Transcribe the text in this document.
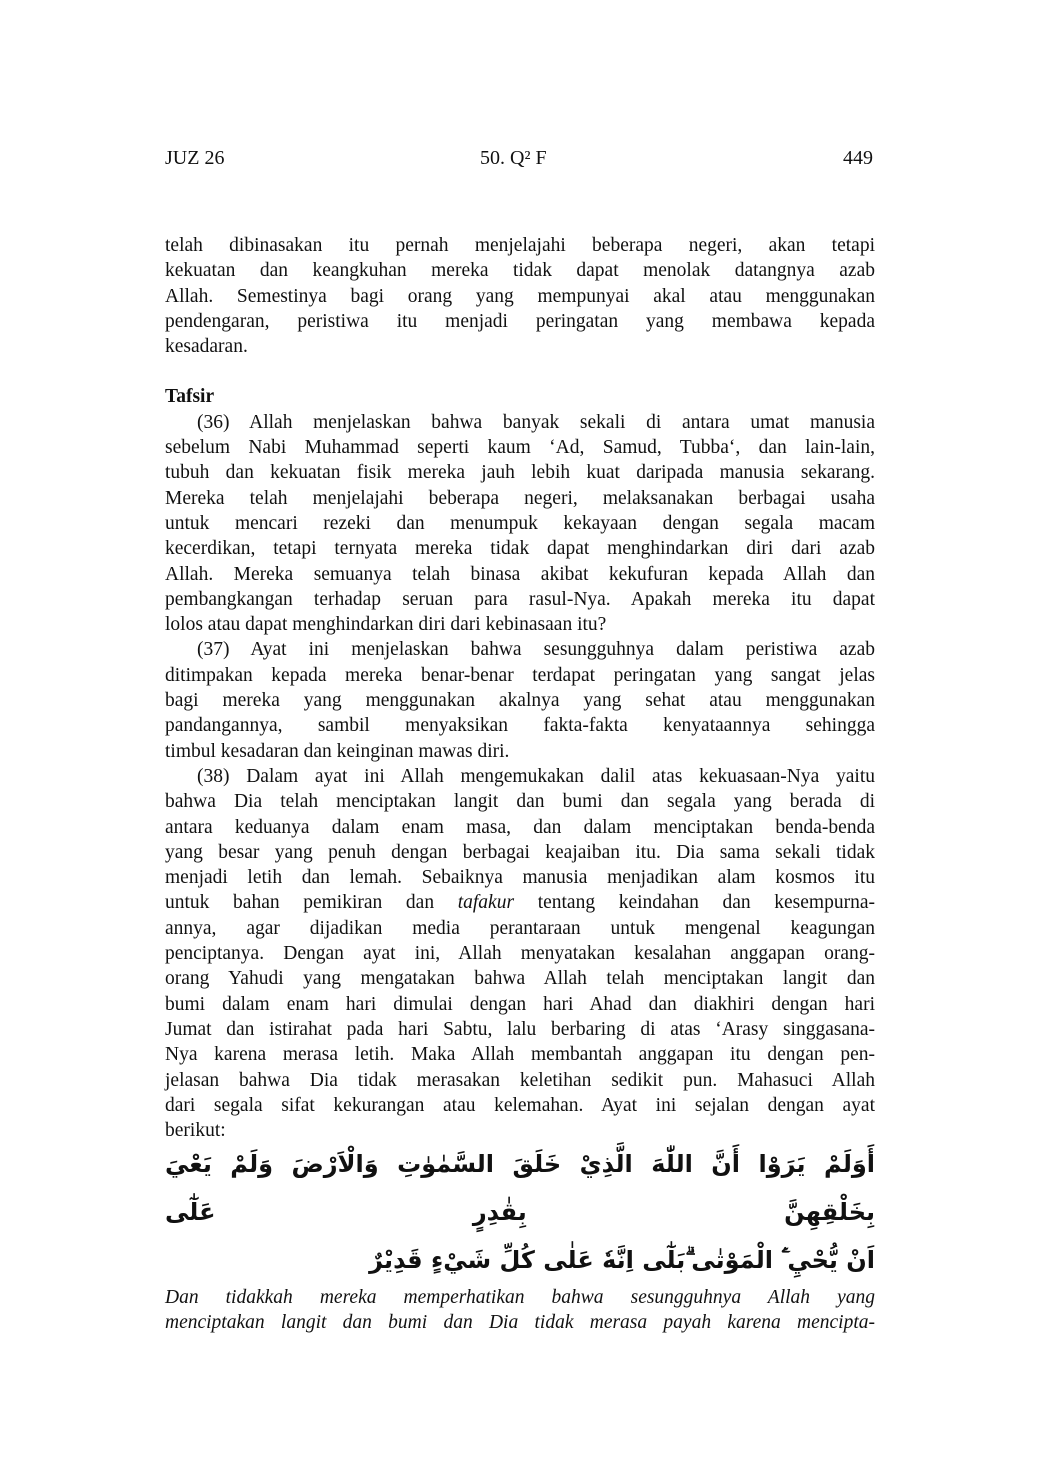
JUZ 26	50. Q² F	449
telah dibinasakan itu pernah menjelajahi beberapa negeri, akan tetapi
kekuatan dan keangkuhan mereka tidak dapat menolak datangnya azab
Allah. Semestinya bagi orang yang mempunyai akal atau menggunakan
pendengaran, peristiwa itu menjadi peringatan yang membawa kepada
kesadaran.
Tafsir
(36) Allah menjelaskan bahwa banyak sekali di antara umat manusia
sebelum Nabi Muhammad seperti kaum ‘Ad, Samud, Tubba‘, dan lain-lain,
tubuh dan kekuatan fisik mereka jauh lebih kuat daripada manusia sekarang.
Mereka telah menjelajahi beberapa negeri, melaksanakan berbagai usaha
untuk mencari rezeki dan menumpuk kekayaan dengan segala macam
kecerdikan, tetapi ternyata mereka tidak dapat menghindarkan diri dari azab
Allah. Mereka semuanya telah binasa akibat kekufuran kepada Allah dan
pembangkangan terhadap seruan para rasul-Nya. Apakah mereka itu dapat
lolos atau dapat menghindarkan diri dari kebinasaan itu?
(37) Ayat ini menjelaskan bahwa sesungguhnya dalam peristiwa azab
ditimpakan kepada mereka benar-benar terdapat peringatan yang sangat jelas
bagi mereka yang menggunakan akalnya yang sehat atau menggunakan
pandangannya, sambil menyaksikan fakta-fakta kenyataannya sehingga
timbul kesadaran dan keinginan mawas diri.
(38) Dalam ayat ini Allah mengemukakan dalil atas kekuasaan-Nya yaitu
bahwa Dia telah menciptakan langit dan bumi dan segala yang berada di
antara keduanya dalam enam masa, dan dalam menciptakan benda-benda
yang besar yang penuh dengan berbagai keajaiban itu. Dia sama sekali tidak
menjadi letih dan lemah. Sebaiknya manusia menjadikan alam kosmos itu
untuk bahan pemikiran dan tafakur tentang keindahan dan kesempurna-
annya, agar dijadikan media perantaraan untuk mengenal keagungan
penciptanya. Dengan ayat ini, Allah menyatakan kesalahan anggapan orang-
orang Yahudi yang mengatakan bahwa Allah telah menciptakan langit dan
bumi dalam enam hari dimulai dengan hari Ahad dan diakhiri dengan hari
Jumat dan istirahat pada hari Sabtu, lalu berbaring di atas ‘Arasy singgasana-
Nya karena merasa letih. Maka Allah membantah anggapan itu dengan pen-
jelasan bahwa Dia tidak merasakan keletihan sedikit pun. Mahasuci Allah
dari segala sifat kekurangan atau kelemahan. Ayat ini sejalan dengan ayat
berikut:
أَوَلَمْ يَرَوْا أَنَّ اللّٰهَ الَّذِيْ خَلَقَ السَّمٰوٰتِ وَالْاَرْضَ وَلَمْ يَعْيَ بِخَلْقِهِنَّ بِقٰدِرٍ عَلٰٓى
اَنْ يُّحْيِ َۧ الْمَوْتٰى ۗبَلٰٓى اِنَّهٗ عَلٰى كُلِّ شَيْءٍ قَدِيْرٌ
Dan tidakkah mereka memperhatikan bahwa sesungguhnya Allah yang
menciptakan langit dan bumi dan Dia tidak merasa payah karena mencipta-
